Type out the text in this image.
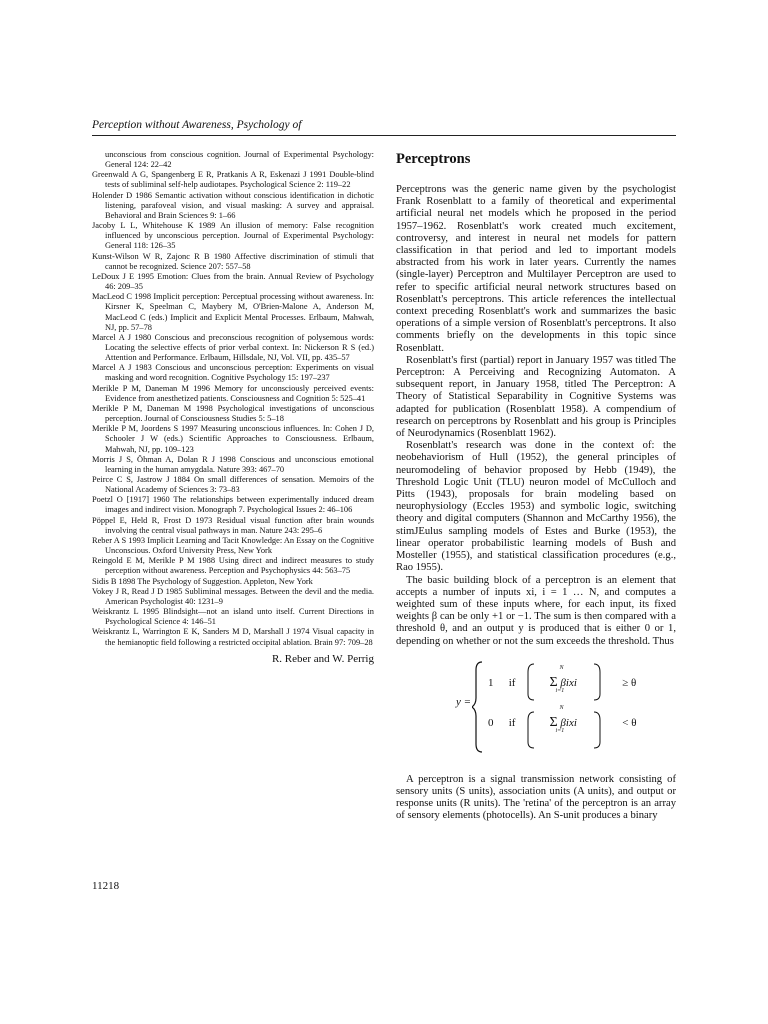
Perception without Awareness, Psychology of
unconscious from conscious cognition. Journal of Experimental Psychology: General 124: 22–42
Greenwald A G, Spangenberg E R, Pratkanis A R, Eskenazi J 1991 Double-blind tests of subliminal self-help audiotapes. Psychological Science 2: 119–22
Holender D 1986 Semantic activation without conscious identification in dichotic listening, parafoveal vision, and visual masking: A survey and appraisal. Behavioral and Brain Sciences 9: 1–66
Jacoby L L, Whitehouse K 1989 An illusion of memory: False recognition influenced by unconscious perception. Journal of Experimental Psychology: General 118: 126–35
Kunst-Wilson W R, Zajonc R B 1980 Affective discrimination of stimuli that cannot be recognized. Science 207: 557–58
LeDoux J E 1995 Emotion: Clues from the brain. Annual Review of Psychology 46: 209–35
MacLeod C 1998 Implicit perception: Perceptual processing without awareness. In: Kirsner K, Speelman C, Maybery M, O'Brien-Malone A, Anderson M, MacLeod C (eds.) Implicit and Explicit Mental Processes. Erlbaum, Mahwah, NJ, pp. 57–78
Marcel A J 1980 Conscious and preconscious recognition of polysemous words: Locating the selective effects of prior verbal context. In: Nickerson R S (ed.) Attention and Performance. Erlbaum, Hillsdale, NJ, Vol. VII, pp. 435–57
Marcel A J 1983 Conscious and unconscious perception: Experiments on visual masking and word recognition. Cognitive Psychology 15: 197–237
Merikle P M, Daneman M 1996 Memory for unconsciously perceived events: Evidence from anesthetized patients. Consciousness and Cognition 5: 525–41
Merikle P M, Daneman M 1998 Psychological investigations of unconscious perception. Journal of Consciousness Studies 5: 5–18
Merikle P M, Joordens S 1997 Measuring unconscious influences. In: Cohen J D, Schooler J W (eds.) Scientific Approaches to Consciousness. Erlbaum, Mahwah, NJ, pp. 109–123
Morris J S, Öhman A, Dolan R J 1998 Conscious and unconscious emotional learning in the human amygdala. Nature 393: 467–70
Peirce C S, Jastrow J 1884 On small differences of sensation. Memoirs of the National Academy of Sciences 3: 73–83
Poetzl O [1917] 1960 The relationships between experimentally induced dream images and indirect vision. Monograph 7. Psychological Issues 2: 46–106
Pöppel E, Held R, Frost D 1973 Residual visual function after brain wounds involving the central visual pathways in man. Nature 243: 295–6
Reber A S 1993 Implicit Learning and Tacit Knowledge: An Essay on the Cognitive Unconscious. Oxford University Press, New York
Reingold E M, Merikle P M 1988 Using direct and indirect measures to study perception without awareness. Perception and Psychophysics 44: 563–75
Sidis B 1898 The Psychology of Suggestion. Appleton, New York
Vokey J R, Read J D 1985 Subliminal messages. Between the devil and the media. American Psychologist 40: 1231–9
Weiskrantz L 1995 Blindsight—not an island unto itself. Current Directions in Psychological Science 4: 146–51
Weiskrantz L, Warrington E K, Sanders M D, Marshall J 1974 Visual capacity in the hemianoptic field following a restricted occipital ablation. Brain 97: 709–28
R. Reber and W. Perrig
11218
Perceptrons

Perceptrons was the generic name given by the psychologist Frank Rosenblatt to a family of theoretical and experimental artificial neural net models which he proposed in the period 1957–1962. Rosenblatt's work created much excitement, controversy, and interest in neural net models for pattern classification in that period and led to important models abstracted from his work in later years. Currently the names (single-layer) Perceptron and Multilayer Perceptron are used to refer to specific artificial neural network structures based on Rosenblatt's perceptrons. This article references the intellectual context preceding Rosenblatt's work and summarizes the basic operations of a simple version of Rosenblatt's perceptrons. It also comments briefly on the developments in this topic since Rosenblatt.

Rosenblatt's first (partial) report in January 1957 was titled The Perceptron: A Perceiving and Recognizing Automaton. A subsequent report, in January 1958, titled The Perceptron: A Theory of Statistical Separability in Cognitive Systems was adapted for publication (Rosenblatt 1958). A compendium of research on perceptrons by Rosenblatt and his group is Principles of Neurodynamics (Rosenblatt 1962).

Rosenblatt's research was done in the context of: the neobehaviorism of Hull (1952), the general principles of neuromodeling of behavior proposed by Hebb (1949), the Threshold Logic Unit (TLU) neuron model of McCulloch and Pitts (1943), proposals for brain modeling based on neurophysiology (Eccles 1953) and symbolic logic, switching theory and digital computers (Shannon and McCarthy 1956), the stimJEulus sampling models of Estes and Burke (1953), the linear operator probabilistic learning models of Bush and Mosteller (1955), and statistical classification procedures (e.g., Rao 1955).

The basic building block of a perceptron is an element that accepts a number of inputs xi, i = 1 … N, and computes a weighted sum of these inputs where, for each input, its fixed weights β can be only +1 or −1. The sum is then compared with a threshold θ, and an output y is produced that is either 0 or 1, depending on whether or not the sum exceeds the threshold. Thus

y =
1 if
N
Σ
i=1
βixi	≥ θ
0 if
N
Σ
i=1
βixi	< θ

A perceptron is a signal transmission network consisting of sensory units (S units), association units (A units), and output or response units (R units). The 'retina' of the perceptron is an array of sensory elements (photocells). An S-unit produces a binary
